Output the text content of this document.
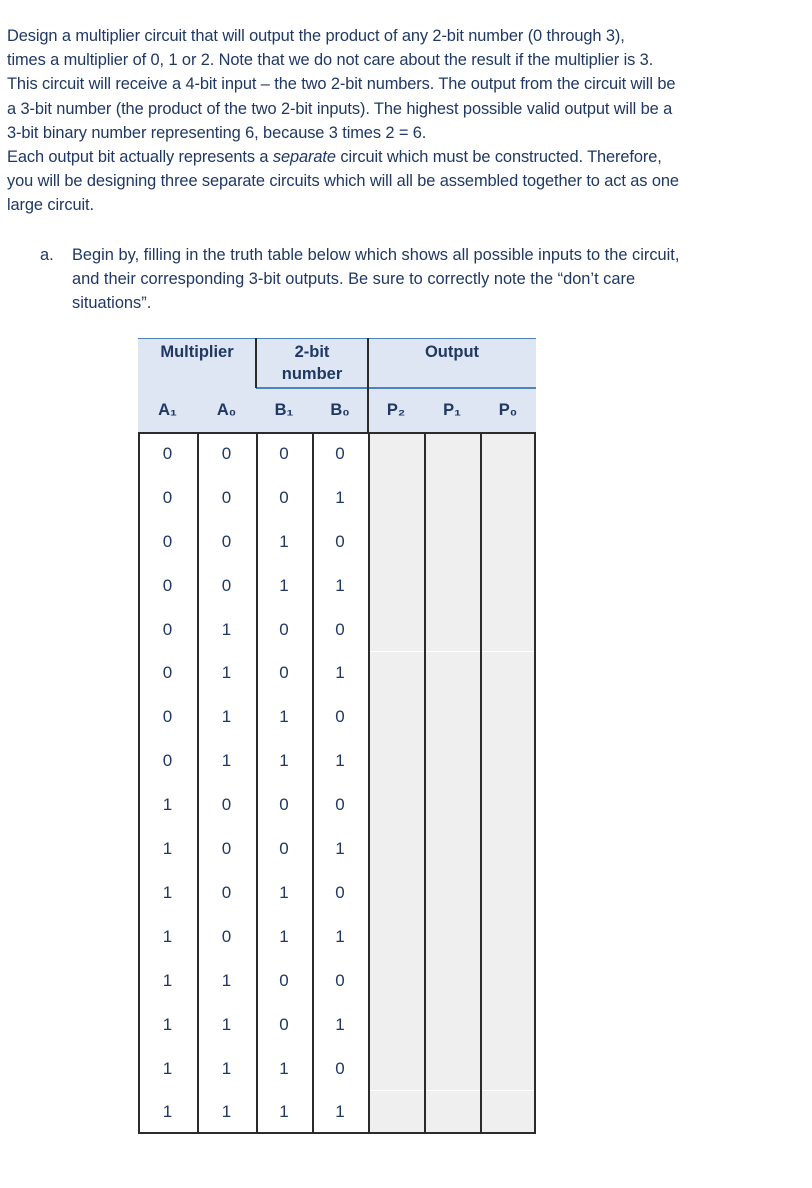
Design a multiplier circuit that will output the product of any 2-bit number (0 through 3),

times a multiplier of 0, 1 or 2. Note that we do not care about the result if the multiplier is 3.

This circuit will receive a 4-bit input – the two 2-bit numbers. The output from the circuit will be

a 3-bit number (the product of the two 2-bit inputs). The highest possible valid output will be a

3-bit binary number representing 6, because 3 times 2 = 6.

Each output bit actually represents a separate circuit which must be constructed. Therefore,

you will be designing three separate circuits which will all be assembled together to act as one

large circuit.

a. Begin by, filling in the truth table below which shows all possible inputs to the circuit,
and their corresponding 3-bit outputs. Be sure to correctly note the “don’t care
situations”.
Multiplier	2-bit
number
Output
A₁	A₀	B₁	B₀	P₂	P₁	P₀
0	0	0	0
0	0	0	1
0	0	1	0
0	0	1	1
0	1	0	0
0	1	0	1
0	1	1	0
0	1	1	1
1	0	0	0
1	0	0	1
1	0	1	0
1	0	1	1
1	1	0	0
1	1	0	1
1	1	1	0
1	1	1	1
